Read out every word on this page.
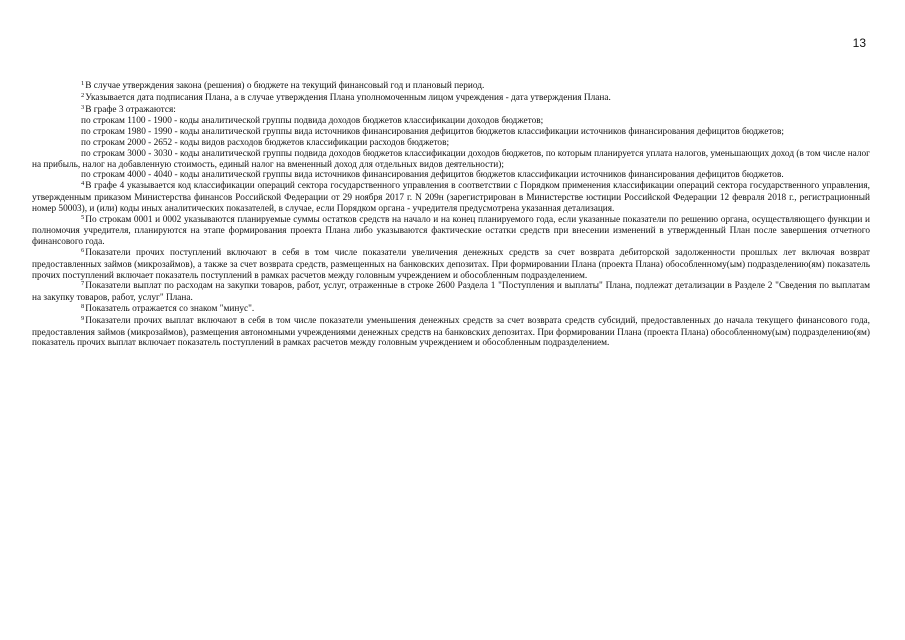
13

$^1$В случае утверждения закона (решения) о бюджете на текущий финансовый год и плановый период.

$^2$Указывается дата подписания Плана, а в случае утверждения Плана уполномоченным лицом учреждения - дата утверждения Плана.

$^3$В графе 3 отражаются:

по строкам 1100 - 1900 - коды аналитической группы подвида доходов бюджетов классификации доходов бюджетов;

по строкам 1980 - 1990 - коды аналитической группы вида источников финансирования дефицитов бюджетов классификации источников финансирования дефицитов бюджетов;

по строкам 2000 - 2652 - коды видов расходов бюджетов классификации расходов бюджетов;

по строкам 3000 - 3030 - коды аналитической группы подвида доходов бюджетов классификации доходов бюджетов, по которым планируется уплата налогов, уменьшающих доход (в том числе налог на прибыль, налог на добавленную стоимость, единый налог на вмененный доход для отдельных видов деятельности);

по строкам 4000 - 4040 - коды аналитической группы вида источников финансирования дефицитов бюджетов классификации источников финансирования дефицитов бюджетов.

$^4$В графе 4 указывается код классификации операций сектора государственного управления в соответствии с Порядком применения классификации операций сектора государственного управления, утвержденным приказом Министерства финансов Российской Федерации от 29 ноября 2017 г. N 209н (зарегистрирован в Министерстве юстиции Российской Федерации 12 февраля 2018 г., регистрационный номер 50003), и (или) коды иных аналитических показателей, в случае, если Порядком органа - учредителя предусмотрена указанная детализация.

$^5$По строкам 0001 и 0002 указываются планируемые суммы остатков средств на начало и на конец планируемого года, если указанные показатели по решению органа, осуществляющего функции и полномочия учредителя, планируются на этапе формирования проекта Плана либо указываются фактические остатки средств при внесении изменений в утвержденный План после завершения отчетного финансового года.

$^6$Показатели прочих поступлений включают в себя в том числе показатели увеличения денежных средств за счет возврата дебиторской задолженности прошлых лет включая возврат предоставленных займов (микрозаймов), а также за счет возврата средств, размещенных на банковских депозитах. При формировании Плана (проекта Плана) обособленному(ым) подразделению(ям) показатель прочих поступлений включает показатель поступлений в рамках расчетов между головным учреждением и обособленным подразделением.

$^7$Показатели выплат по расходам на закупки товаров, работ, услуг, отраженные в строке 2600 Раздела 1 "Поступления и выплаты" Плана, подлежат детализации в Разделе 2 "Сведения по выплатам на закупку товаров, работ, услуг" Плана.

$^8$Показатель отражается со знаком "минус".

$^9$Показатели прочих выплат включают в себя в том числе показатели уменьшения денежных средств за счет возврата средств субсидий, предоставленных до начала текущего финансового года, предоставления займов (микрозаймов), размещения автономными учреждениями денежных средств на банковских депозитах. При формировании Плана (проекта Плана) обособленному(ым) подразделению(ям) показатель прочих выплат включает показатель поступлений в рамках расчетов между головным учреждением и обособленным подразделением.
